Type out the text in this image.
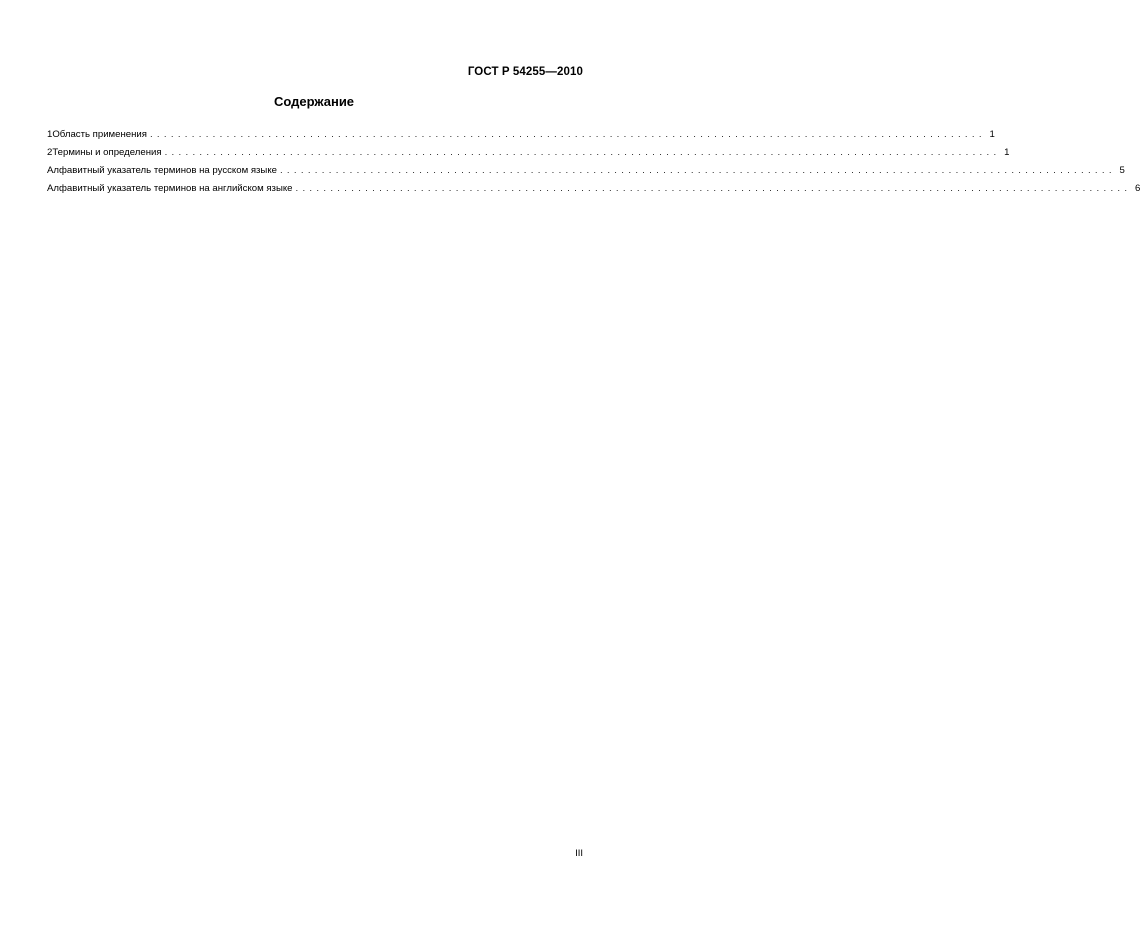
ГОСТ Р 54255—2010
Содержание
1 Область применения ........................................................................................................................ 1
2 Термины и определения ........................................................................................................................ 1
Алфавитный указатель терминов на русском языке ........................................................................................................................ 5
Алфавитный указатель терминов на английском языке ........................................................................................................................ 6
III
